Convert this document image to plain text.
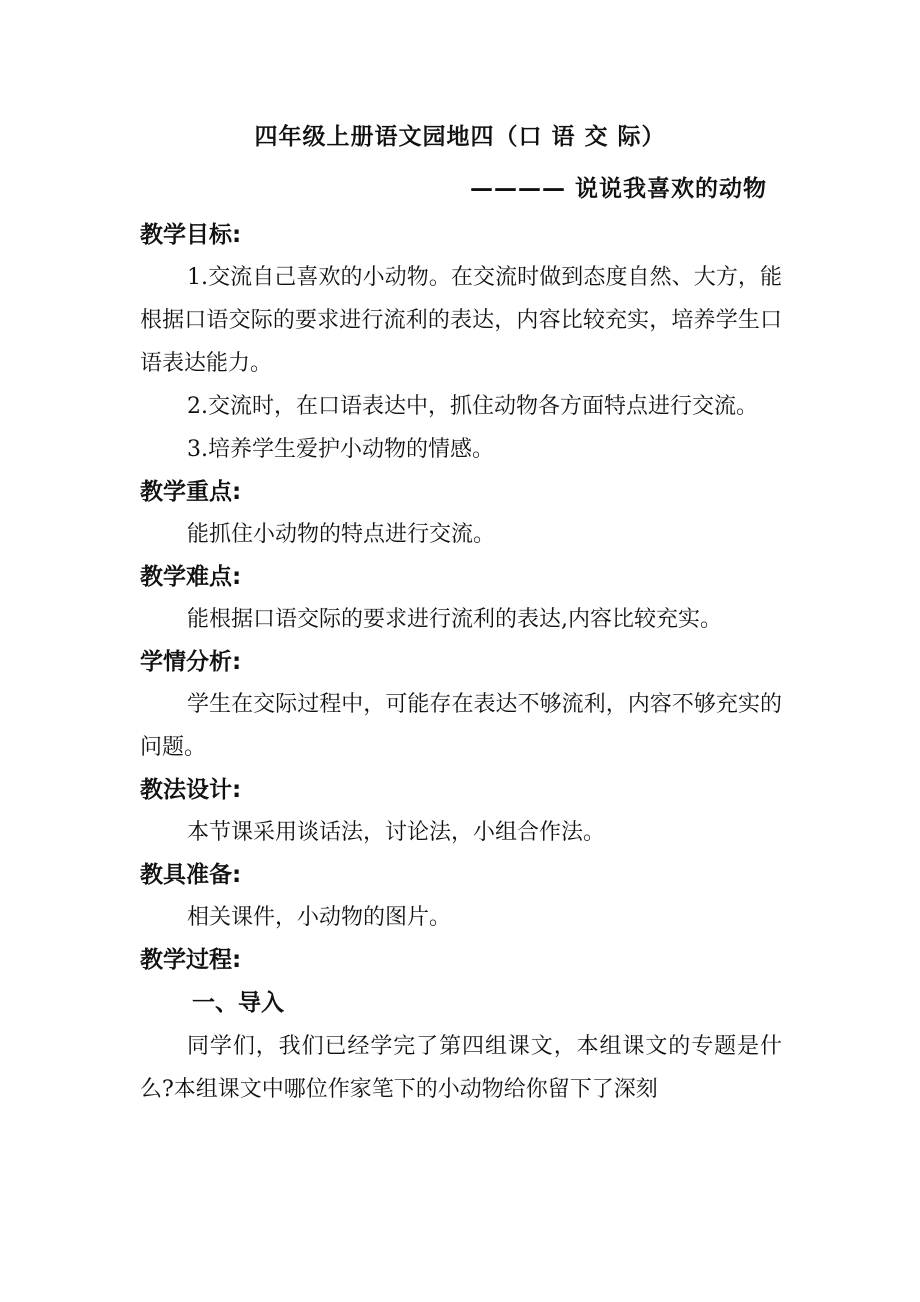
四年级上册语文园地四（口 语 交 际）
———— 说说我喜欢的动物

教学目标:

1.交流自己喜欢的小动物。在交流时做到态度自然、大方，能根据口语交际的要求进行流利的表达，内容比较充实，培养学生口语表达能力。

2.交流时，在口语表达中，抓住动物各方面特点进行交流。

3.培养学生爱护小动物的情感。

教学重点:

能抓住小动物的特点进行交流。

教学难点:

能根据口语交际的要求进行流利的表达,内容比较充实。

学情分析:

学生在交际过程中，可能存在表达不够流利，内容不够充实的问题。

教法设计:

本节课采用谈话法，讨论法，小组合作法。

教具准备:

相关课件，小动物的图片。

教学过程:

一、导入

同学们，我们已经学完了第四组课文，本组课文的专题是什么?本组课文中哪位作家笔下的小动物给你留下了深刻
